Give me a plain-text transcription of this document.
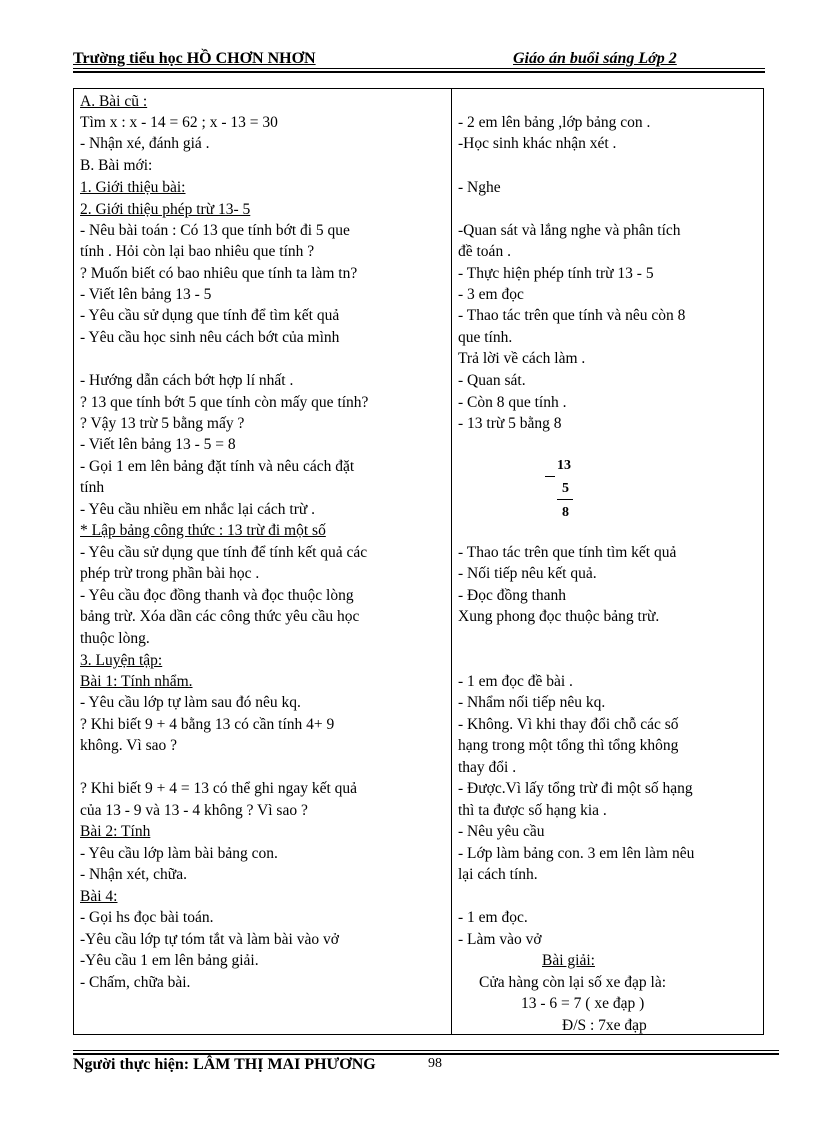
Trường tiểu học HỒ CHƠN NHƠN	Giáo án buổi sáng Lớp 2
A. Bài cũ :
Tìm x : x - 14 = 62 ; x - 13 = 30
- Nhận xé, đánh giá .
B. Bài mới:
1. Giới thiệu bài:
2. Giới thiệu phép trừ 13- 5
- Nêu bài toán : Có 13 que tính bớt đi 5 que
tính . Hỏi còn lại bao nhiêu que tính ?
? Muốn biết có bao nhiêu que tính ta làm tn?
- Viết lên bảng 13 - 5
- Yêu cầu sử dụng que tính để tìm kết quả
- Yêu cầu học sinh nêu cách bớt của mình
- Hướng dẫn cách bớt hợp lí nhất .
? 13 que tính bớt 5 que tính còn mấy que tính?
? Vậy 13 trừ 5 bằng mấy ?
- Viết lên bảng 13 - 5 = 8
- Gọi 1 em lên bảng đặt tính và nêu cách đặt
tính
- Yêu cầu nhiều em nhắc lại cách trừ .
* Lập bảng công thức : 13 trừ đi một số
- Yêu cầu sử dụng que tính để tính kết quả các
phép trừ trong phần bài học .
- Yêu cầu đọc đồng thanh và đọc thuộc lòng
bảng trừ. Xóa dần các công thức yêu cầu học
thuộc lòng.
3. Luyện tập:
Bài 1: Tính nhẩm.
- Yêu cầu lớp tự làm sau đó nêu kq.
? Khi biết 9 + 4 bằng 13 có cần tính 4+ 9
không. Vì sao ?
? Khi biết 9 + 4 = 13 có thể ghi ngay kết quả
của 13 - 9 và 13 - 4 không ? Vì sao ?
Bài 2: Tính
- Yêu cầu lớp làm bài bảng con.
- Nhận xét, chữa.
Bài 4:
- Gọi hs đọc bài toán.
-Yêu cầu lớp tự tóm tắt và làm bài vào vở
-Yêu cầu 1 em lên bảng giải.
- Chấm, chữa bài.
- 2 em lên bảng ,lớp bảng con .
-Học sinh khác nhận xét .
- Nghe
-Quan sát và lắng nghe và phân tích
đề toán .
- Thực hiện phép tính trừ 13 - 5
- 3 em đọc
- Thao tác trên que tính và nêu còn 8
que tính.
Trả lời về cách làm .
- Quan sát.
- Còn 8 que tính .
- 13 trừ 5 bằng 8
13
5
8
- Thao tác trên que tính tìm kết quả
- Nối tiếp nêu kết quả.
- Đọc đồng thanh
Xung phong đọc thuộc bảng trừ.
- 1 em đọc đề bài .
- Nhẩm nối tiếp nêu kq.
- Không. Vì khi thay đổi chỗ các số
hạng trong một tổng thì tổng không
thay đổi .
- Được.Vì lấy tổng trừ đi một số hạng
thì ta được số hạng kia .
- Nêu yêu cầu
- Lớp làm bảng con. 3 em lên làm nêu
lại cách tính.
- 1 em đọc.
- Làm vào vở
Bài giải:
Cửa hàng còn lại số xe đạp là:
13 - 6 = 7 ( xe đạp )
Đ/S : 7xe đạp
Người thực hiện: LÂM THỊ MAI PHƯƠNG	98
